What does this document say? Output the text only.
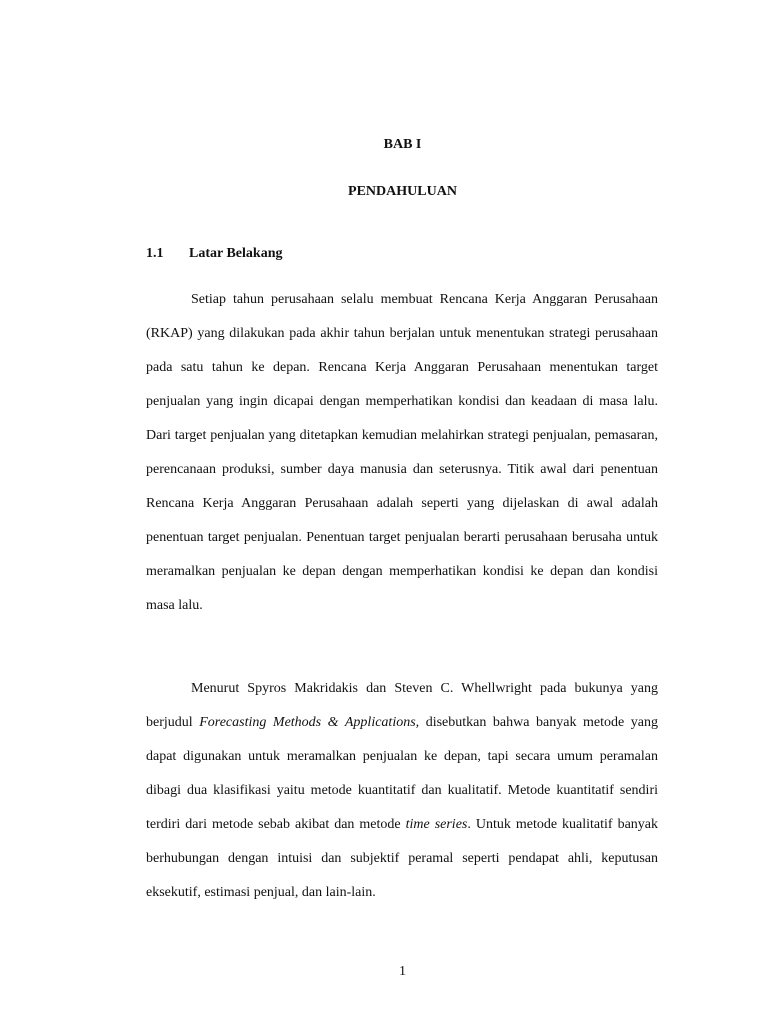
BAB I
PENDAHULUAN
1.1 Latar Belakang

Setiap tahun perusahaan selalu membuat Rencana Kerja Anggaran Perusahaan (RKAP) yang dilakukan pada akhir tahun berjalan untuk menentukan strategi perusahaan pada satu tahun ke depan. Rencana Kerja Anggaran Perusahaan menentukan target penjualan yang ingin dicapai dengan memperhatikan kondisi dan keadaan di masa lalu. Dari target penjualan yang ditetapkan kemudian melahirkan strategi penjualan, pemasaran, perencanaan produksi, sumber daya manusia dan seterusnya. Titik awal dari penentuan Rencana Kerja Anggaran Perusahaan adalah seperti yang dijelaskan di awal adalah penentuan target penjualan. Penentuan target penjualan berarti perusahaan berusaha untuk meramalkan penjualan ke depan dengan memperhatikan kondisi ke depan dan kondisi masa lalu.

Menurut Spyros Makridakis dan Steven C. Whellwright pada bukunya yang berjudul Forecasting Methods & Applications, disebutkan bahwa banyak metode yang dapat digunakan untuk meramalkan penjualan ke depan, tapi secara umum peramalan dibagi dua klasifikasi yaitu metode kuantitatif dan kualitatif. Metode kuantitatif sendiri terdiri dari metode sebab akibat dan metode time series. Untuk metode kualitatif banyak berhubungan dengan intuisi dan subjektif peramal seperti pendapat ahli, keputusan eksekutif, estimasi penjual, dan lain-lain.

1
